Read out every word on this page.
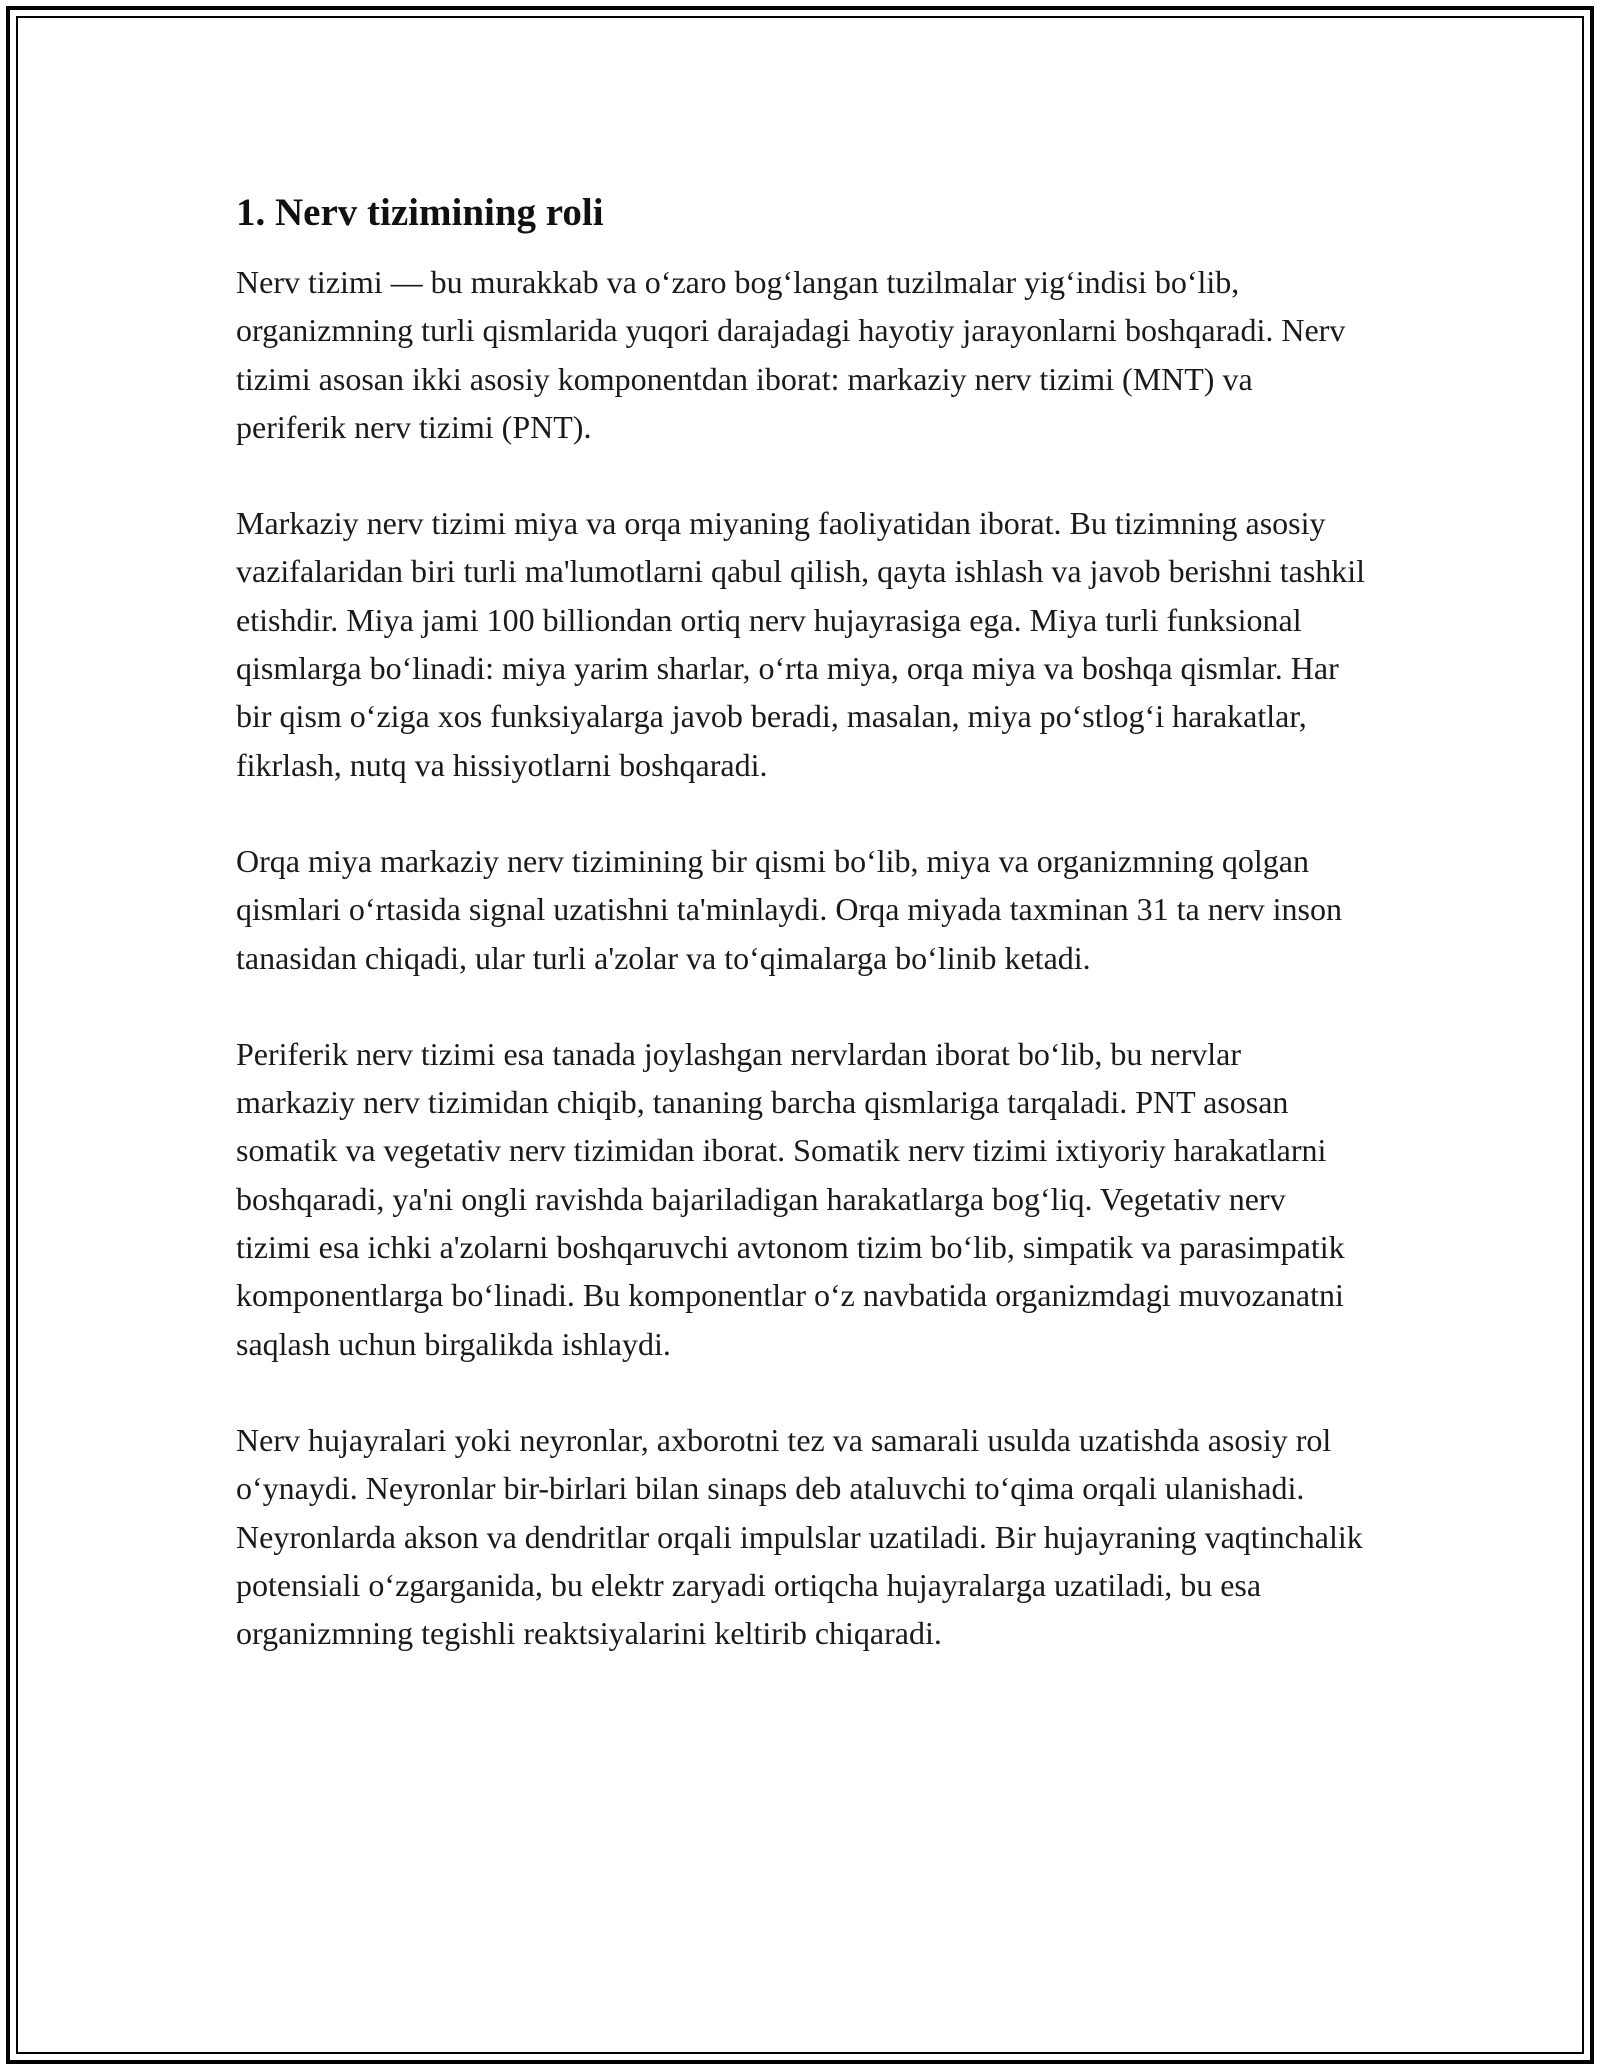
1. Nerv tizimining roli

Nerv tizimi — bu murakkab va o‘zaro bog‘langan tuzilmalar yig‘indisi bo‘lib, organizmning turli qismlarida yuqori darajadagi hayotiy jarayonlarni boshqaradi. Nerv tizimi asosan ikki asosiy komponentdan iborat: markaziy nerv tizimi (MNT) va periferik nerv tizimi (PNT).

Markaziy nerv tizimi miya va orqa miyaning faoliyatidan iborat. Bu tizimning asosiy vazifalaridan biri turli ma'lumotlarni qabul qilish, qayta ishlash va javob berishni tashkil etishdir. Miya jami 100 billiondan ortiq nerv hujayrasiga ega. Miya turli funksional qismlarga bo‘linadi: miya yarim sharlar, o‘rta miya, orqa miya va boshqa qismlar. Har bir qism o‘ziga xos funksiyalarga javob beradi, masalan, miya po‘stlog‘i harakatlar, fikrlash, nutq va hissiyotlarni boshqaradi.

Orqa miya markaziy nerv tizimining bir qismi bo‘lib, miya va organizmning qolgan qismlari o‘rtasida signal uzatishni ta'minlaydi. Orqa miyada taxminan 31 ta nerv inson tanasidan chiqadi, ular turli a'zolar va to‘qimalarga bo‘linib ketadi.

Periferik nerv tizimi esa tanada joylashgan nervlardan iborat bo‘lib, bu nervlar markaziy nerv tizimidan chiqib, tananing barcha qismlariga tarqaladi. PNT asosan somatik va vegetativ nerv tizimidan iborat. Somatik nerv tizimi ixtiyoriy harakatlarni boshqaradi, ya'ni ongli ravishda bajariladigan harakatlarga bog‘liq. Vegetativ nerv tizimi esa ichki a'zolarni boshqaruvchi avtonom tizim bo‘lib, simpatik va parasimpatik komponentlarga bo‘linadi. Bu komponentlar o‘z navbatida organizmdagi muvozanatni saqlash uchun birgalikda ishlaydi.

Nerv hujayralari yoki neyronlar, axborotni tez va samarali usulda uzatishda asosiy rol o‘ynaydi. Neyronlar bir-birlari bilan sinaps deb ataluvchi to‘qima orqali ulanishadi. Neyronlarda akson va dendritlar orqali impulslar uzatiladi. Bir hujayraning vaqtinchalik potensiali o‘zgarganida, bu elektr zaryadi ortiqcha hujayralarga uzatiladi, bu esa organizmning tegishli reaktsiyalarini keltirib chiqaradi.
